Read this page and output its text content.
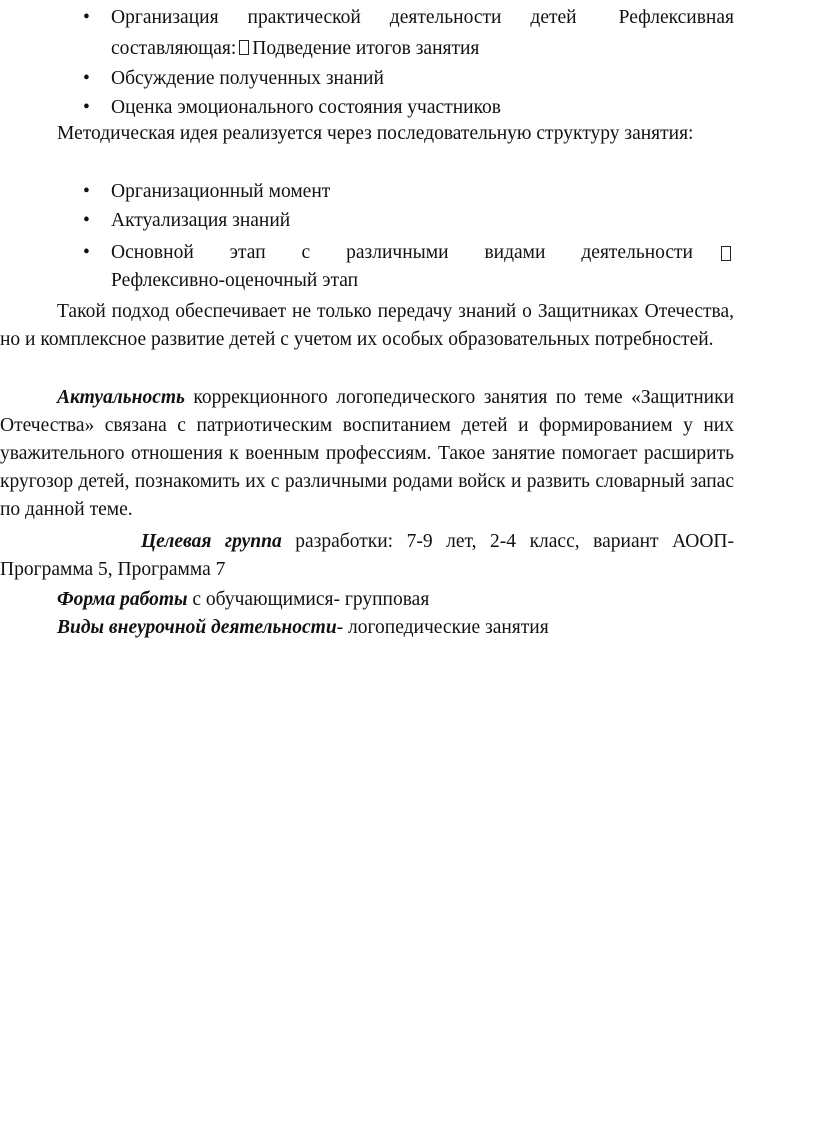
• Организация практической деятельности детей Рефлексивная составляющая: Подведение итогов занятия
• Обсуждение полученных знаний
• Оценка эмоционального состояния участников

Методическая идея реализуется через последовательную структуру занятия:

• Организационный момент
• Актуализация знаний
• Основной этап с различными видами деятельности
Рефлексивно-оценочный этап

Такой подход обеспечивает не только передачу знаний о Защитниках Отечества, но и комплексное развитие детей с учетом их особых образовательных потребностей.

Актуальность коррекционного логопедического занятия по теме «Защитники Отечества» связана с патриотическим воспитанием детей и формированием у них уважительного отношения к военным профессиям. Такое занятие помогает расширить кругозор детей, познакомить их с различными родами войск и развить словарный запас по данной теме.

Целевая группа разработки: 7-9 лет, 2-4 класс, вариант АООП- Программа 5, Программа 7

Форма работы с обучающимися- групповая

Виды внеурочной деятельности- логопедические занятия
